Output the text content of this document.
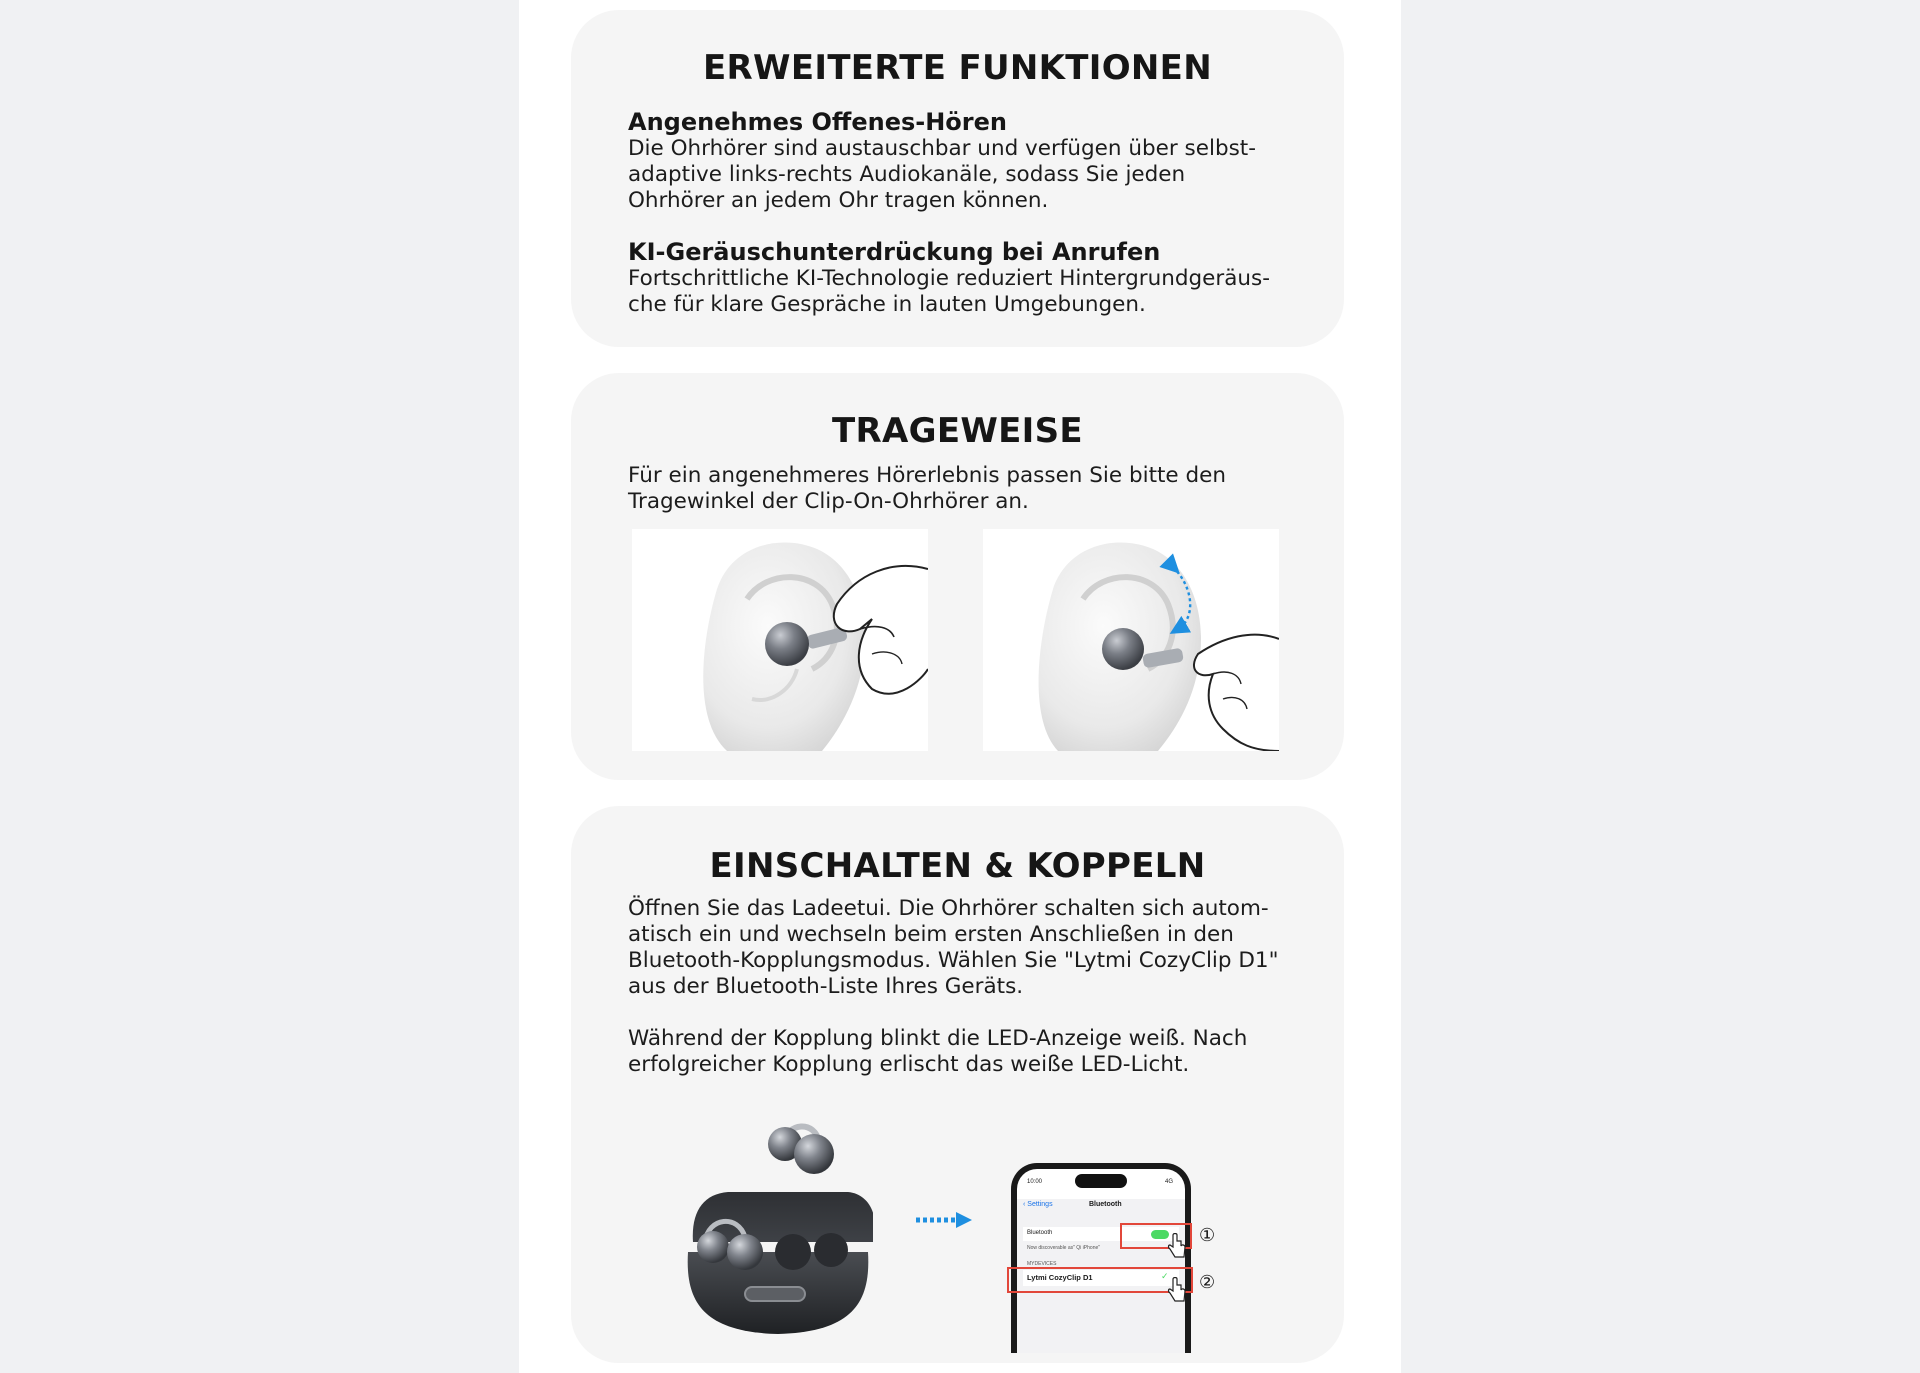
ERWEITERTE FUNKTIONEN
Angenehmes Offenes-Hören

Die Ohrhörer sind austauschbar und verfügen über selbst-
adaptive links-rechts Audiokanäle, sodass Sie jeden
Ohrhörer an jedem Ohr tragen können.

KI-Geräuschunterdrückung bei Anrufen

Fortschrittliche KI-Technologie reduziert Hintergrundgeräus-
che für klare Gespräche in lauten Umgebungen.

TRAGEWEISE

Für ein angenehmeres Hörerlebnis passen Sie bitte den
Tragewinkel der Clip-On-Ohrhörer an.

EINSCHALTEN & KOPPELN

Öffnen Sie das Ladeetui. Die Ohrhörer schalten sich autom-
atisch ein und wechseln beim ersten Anschließen in den
Bluetooth-Kopplungsmodus. Wählen Sie "Lytmi CozyClip D1"
aus der Bluetooth-Liste Ihres Geräts.

Während der Kopplung blinkt die LED-Anzeige weiß. Nach
erfolgreicher Kopplung erlischt das weiße LED-Licht.

10:00	4G
‹ Settings	Bluetooth
Bluetooth
Now discoverable as" Qi iPhone"
MYDEVICES
Lytmi CozyClip D1	✓
①
②
